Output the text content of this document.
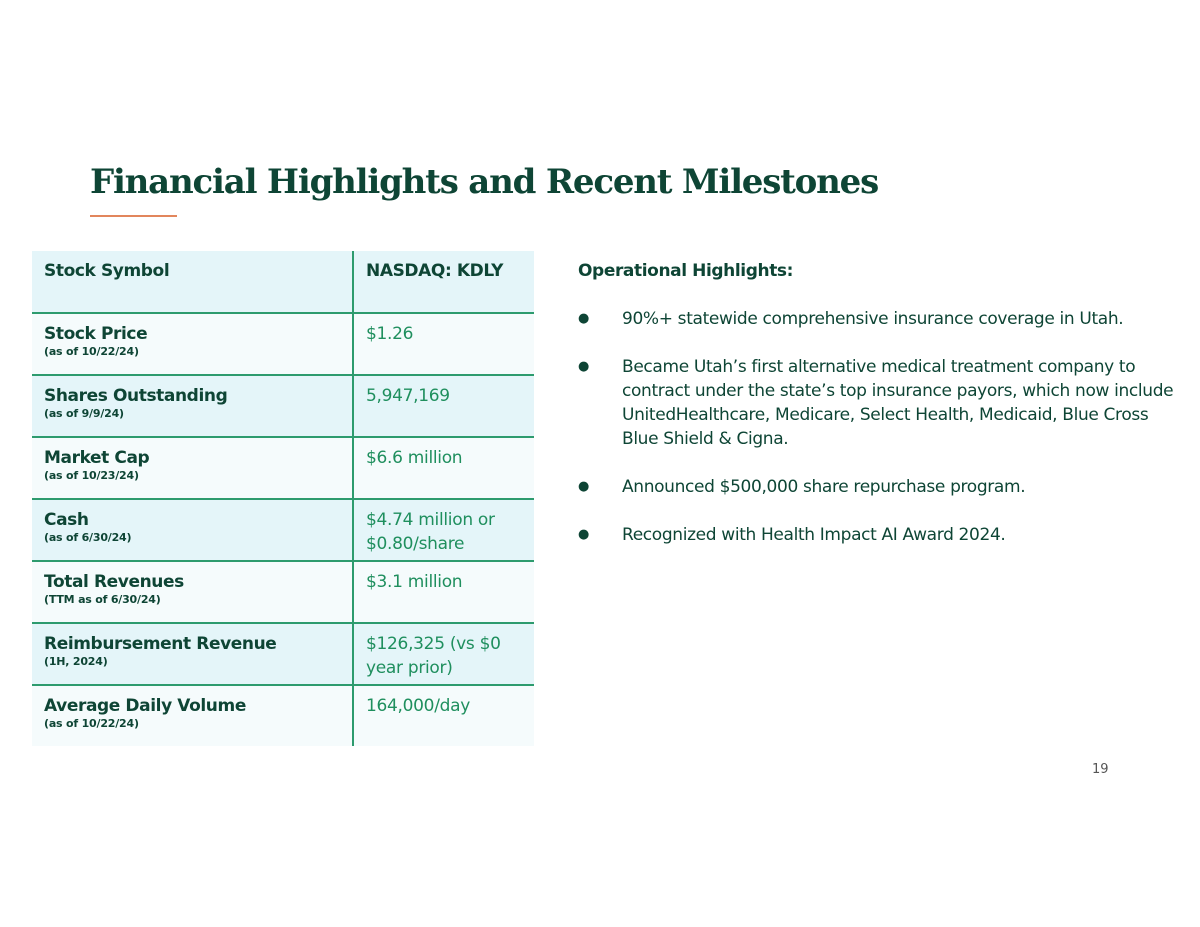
Financial Highlights and Recent Milestones
Stock Symbol	NASDAQ: KDLY

Stock Price
(as of 10/22/24)	$1.26

Shares Outstanding
(as of 9/9/24)	5,947,169

Market Cap
(as of 10/23/24)	$6.6 million

Cash
(as of 6/30/24)	$4.74 million or $0.80/share

Total Revenues
(TTM as of 6/30/24)	$3.1 million

Reimbursement Revenue
(1H, 2024)	$126,325 (vs $0 year prior)

Average Daily Volume
(as of 10/22/24)	164,000/day
Operational Highlights:
● 90%+ statewide comprehensive insurance coverage in Utah.
● Became Utah’s first alternative medical treatment company to contract under the state’s top insurance payors, which now include UnitedHealthcare, Medicare, Select Health, Medicaid, Blue Cross Blue Shield & Cigna.
● Announced $500,000 share repurchase program.
● Recognized with Health Impact AI Award 2024.
19
